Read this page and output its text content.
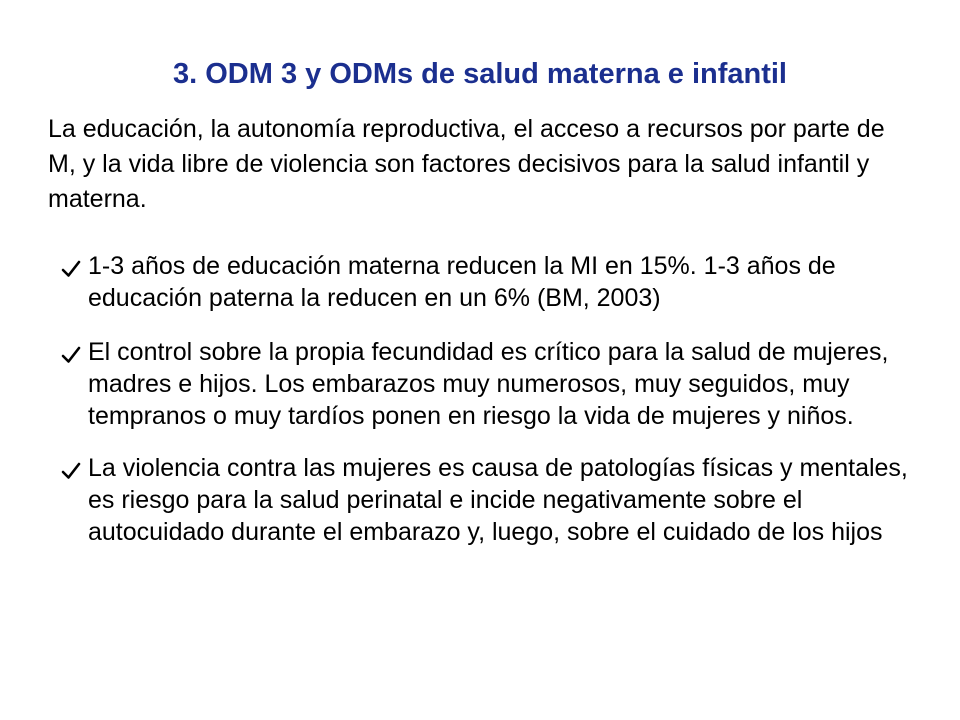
3. ODM 3 y ODMs de salud materna e infantil

La educación, la autonomía reproductiva, el acceso a recursos por parte de M, y la vida libre de violencia son factores decisivos para la salud infantil y materna.

1-3 años de educación materna reducen la MI en 15%. 1-3 años de educación paterna la reducen en un 6% (BM, 2003)
El control sobre la propia fecundidad es crítico para la salud de mujeres, madres e hijos. Los embarazos muy numerosos, muy seguidos, muy tempranos o muy tardíos ponen en riesgo la vida de mujeres y niños.
La violencia contra las mujeres es causa de patologías físicas y mentales, es riesgo para la salud perinatal e incide negativamente sobre el autocuidado durante el embarazo y, luego, sobre el cuidado de los hijos
